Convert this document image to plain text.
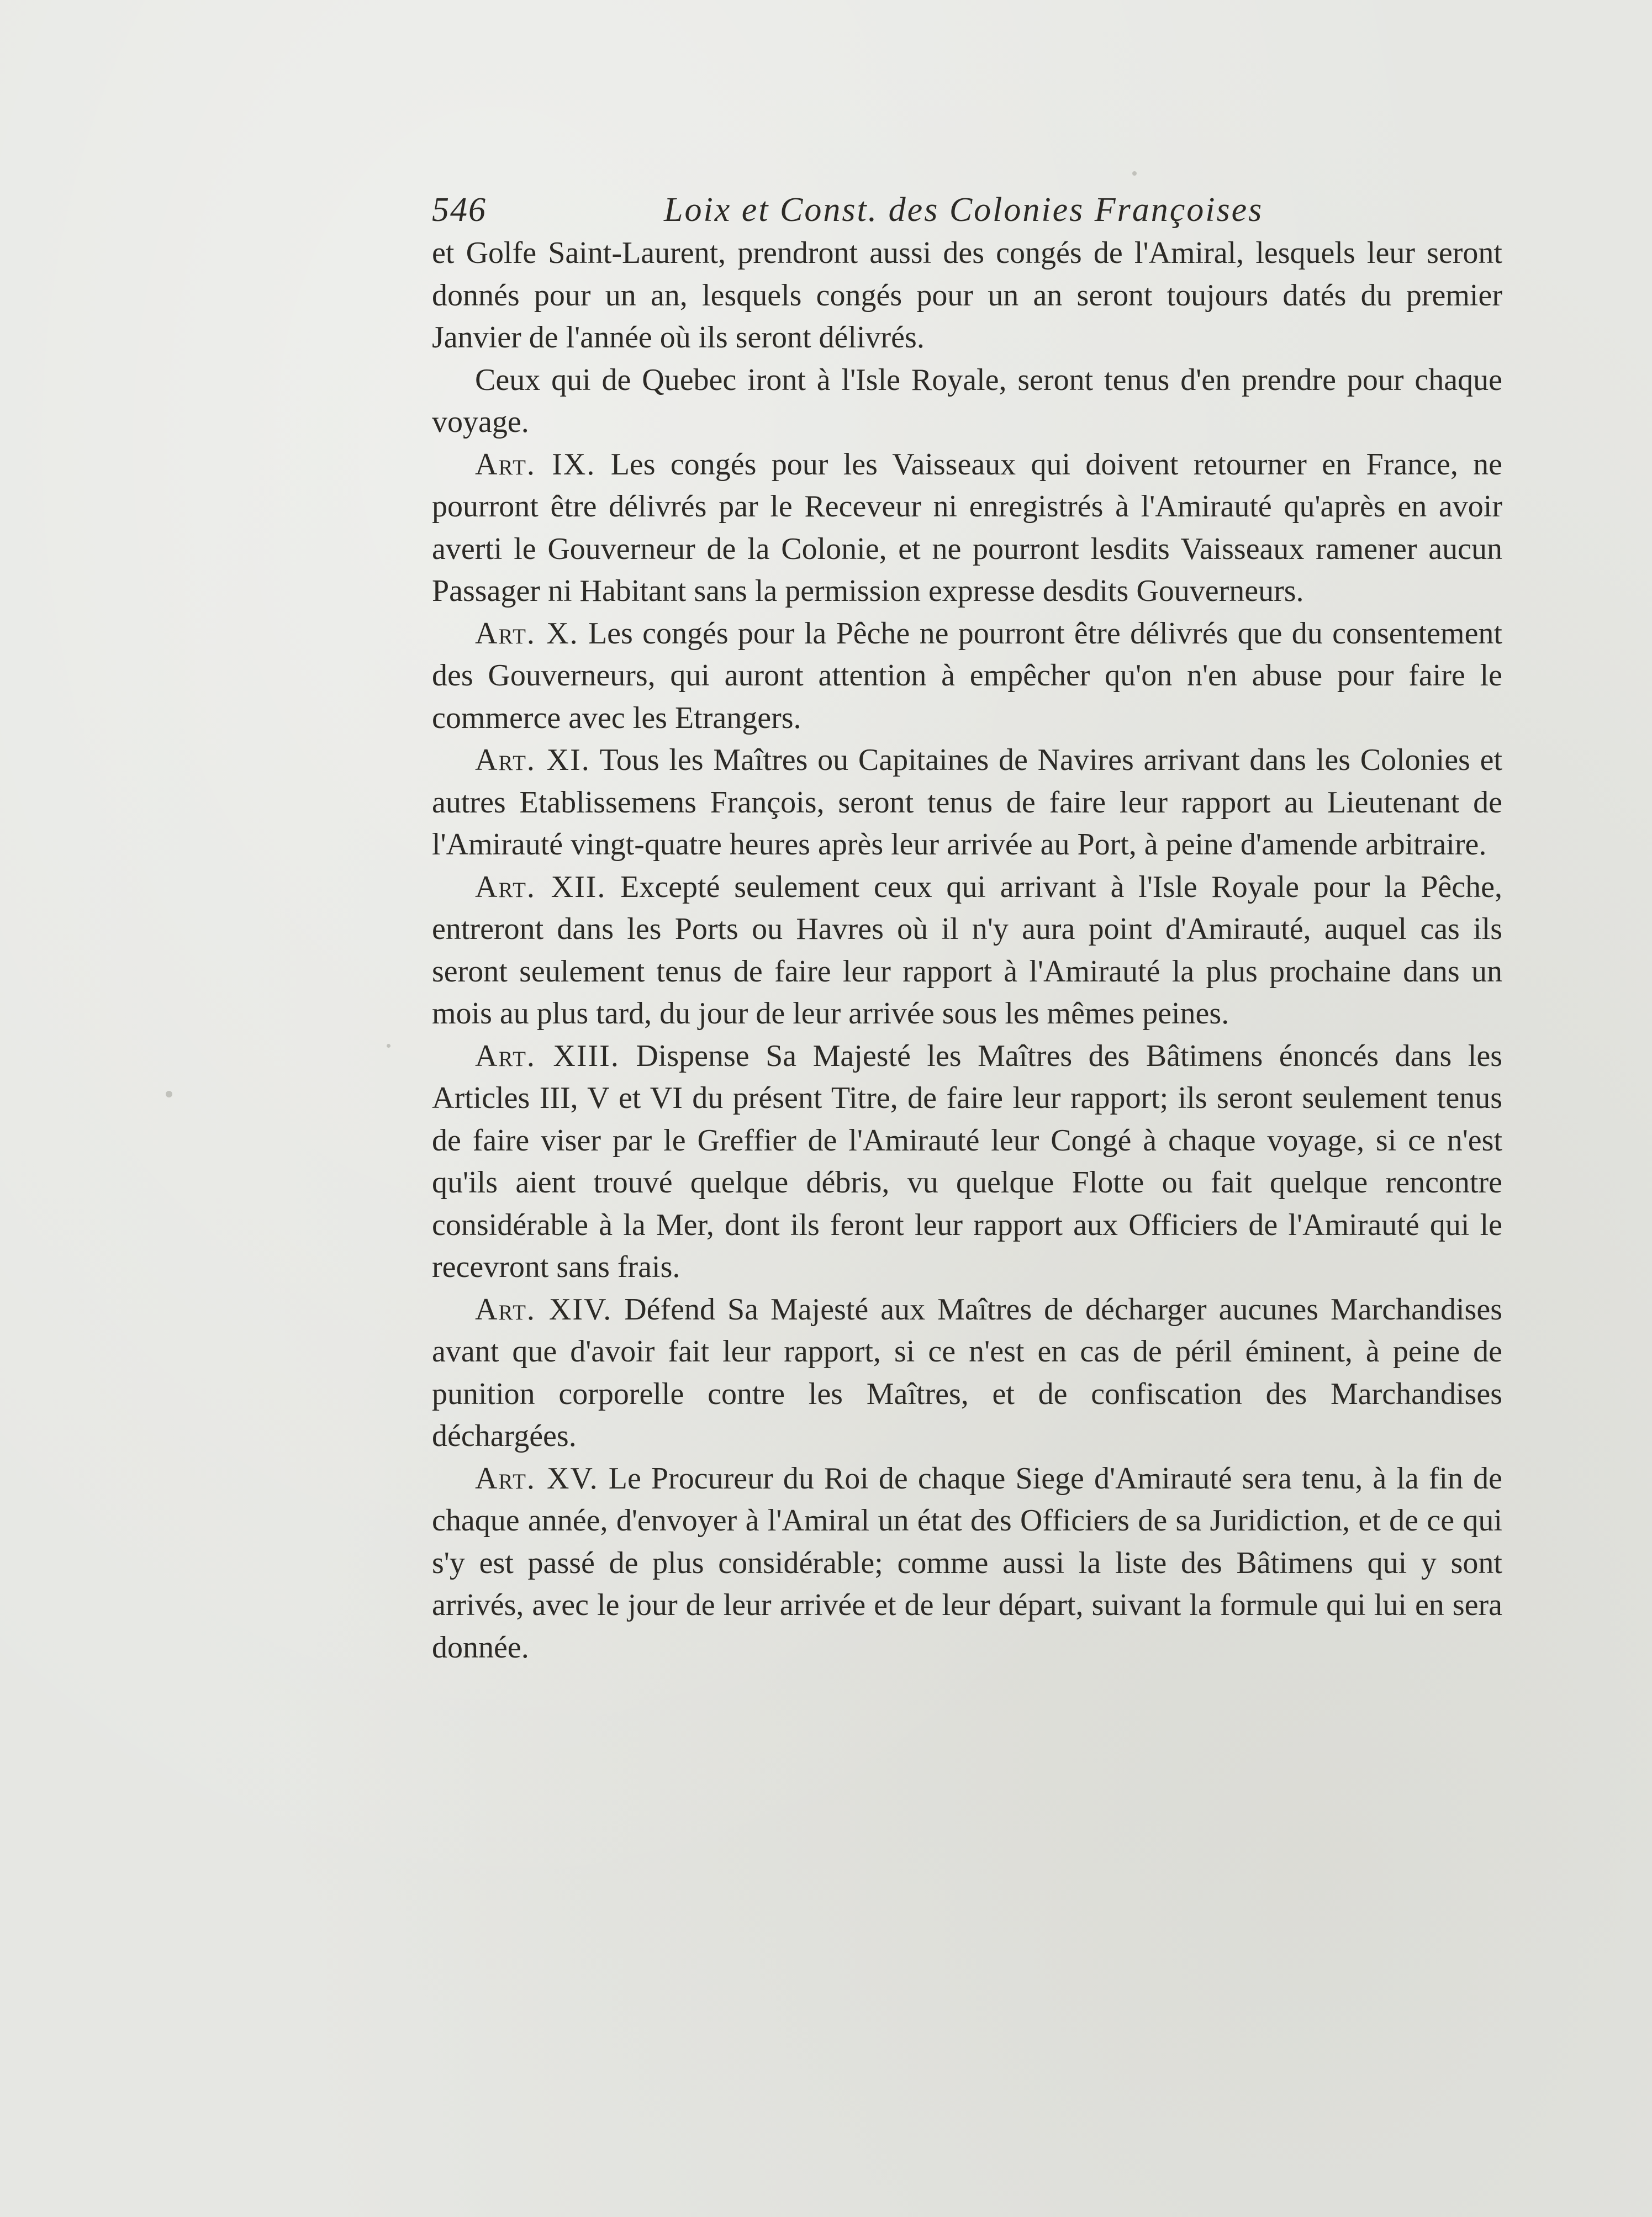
546	Loix et Const. des Colonies Françoises

et Golfe Saint-Laurent, prendront aussi des congés de l'Amiral, lesquels leur seront donnés pour un an, lesquels congés pour un an seront toujours datés du premier Janvier de l'année où ils seront délivrés.

Ceux qui de Quebec iront à l'Isle Royale, seront tenus d'en prendre pour chaque voyage.

Art. IX. Les congés pour les Vaisseaux qui doivent retourner en France, ne pourront être délivrés par le Receveur ni enregistrés à l'Amirauté qu'après en avoir averti le Gouverneur de la Colonie, et ne pourront lesdits Vaisseaux ramener aucun Passager ni Habitant sans la permission expresse desdits Gouverneurs.

Art. X. Les congés pour la Pêche ne pourront être délivrés que du consentement des Gouverneurs, qui auront attention à empêcher qu'on n'en abuse pour faire le commerce avec les Etrangers.

Art. XI. Tous les Maîtres ou Capitaines de Navires arrivant dans les Colonies et autres Etablissemens François, seront tenus de faire leur rapport au Lieutenant de l'Amirauté vingt-quatre heures après leur arrivée au Port, à peine d'amende arbitraire.

Art. XII. Excepté seulement ceux qui arrivant à l'Isle Royale pour la Pêche, entreront dans les Ports ou Havres où il n'y aura point d'Amirauté, auquel cas ils seront seulement tenus de faire leur rapport à l'Amirauté la plus prochaine dans un mois au plus tard, du jour de leur arrivée sous les mêmes peines.

Art. XIII. Dispense Sa Majesté les Maîtres des Bâtimens énoncés dans les Articles III, V et VI du présent Titre, de faire leur rapport; ils seront seulement tenus de faire viser par le Greffier de l'Amirauté leur Congé à chaque voyage, si ce n'est qu'ils aient trouvé quelque débris, vu quelque Flotte ou fait quelque rencontre considérable à la Mer, dont ils feront leur rapport aux Officiers de l'Amirauté qui le recevront sans frais.

Art. XIV. Défend Sa Majesté aux Maîtres de décharger aucunes Marchandises avant que d'avoir fait leur rapport, si ce n'est en cas de péril éminent, à peine de punition corporelle contre les Maîtres, et de confiscation des Marchandises déchargées.

Art. XV. Le Procureur du Roi de chaque Siege d'Amirauté sera tenu, à la fin de chaque année, d'envoyer à l'Amiral un état des Officiers de sa Juridiction, et de ce qui s'y est passé de plus considérable; comme aussi la liste des Bâtimens qui y sont arrivés, avec le jour de leur arrivée et de leur départ, suivant la formule qui lui en sera donnée.
